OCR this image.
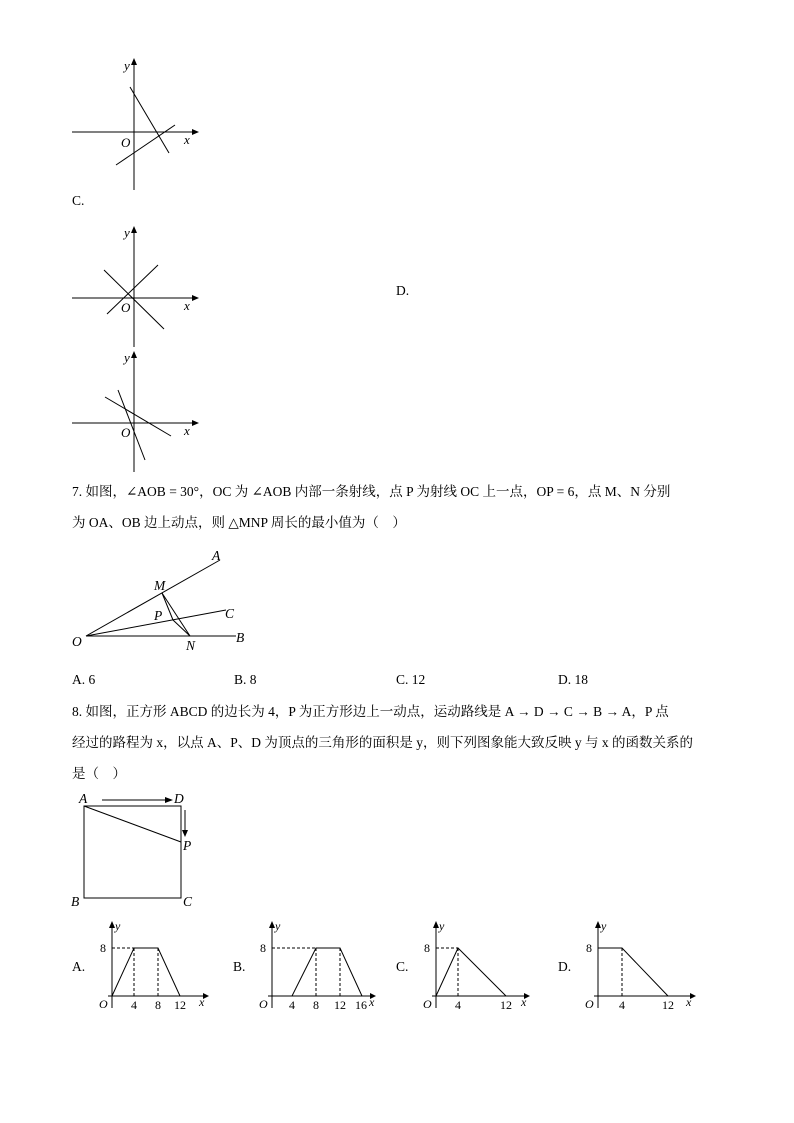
y
x
O
C.
y
x
O
D.
y
x
O
7. 如图，∠AOB = 30°，OC 为 ∠AOB 内部一条射线，点 P 为射线 OC 上一点，OP = 6，点 M、N 分别
为 OA、OB 边上动点，则 △MNP 周长的最小值为（　）
A
M
P	C
O	N
B
A. 6	B. 8	C. 12	D. 18
8. 如图，正方形 ABCD 的边长为 4，P 为正方形边上一动点，运动路线是 A → D → C → B → A，P 点
经过的路程为 x，以点 A、P、D 为顶点的三角形的面积是 y，则下列图象能大致反映 y 与 x 的函数关系的
是（　）
A	D
P
B	C
A.
y
8
O 4 8 12 x
B.
y
8
O 4 8 12 16 x
C.
y
8
O 4	12 x
D.
y
8
O 4	12 x
